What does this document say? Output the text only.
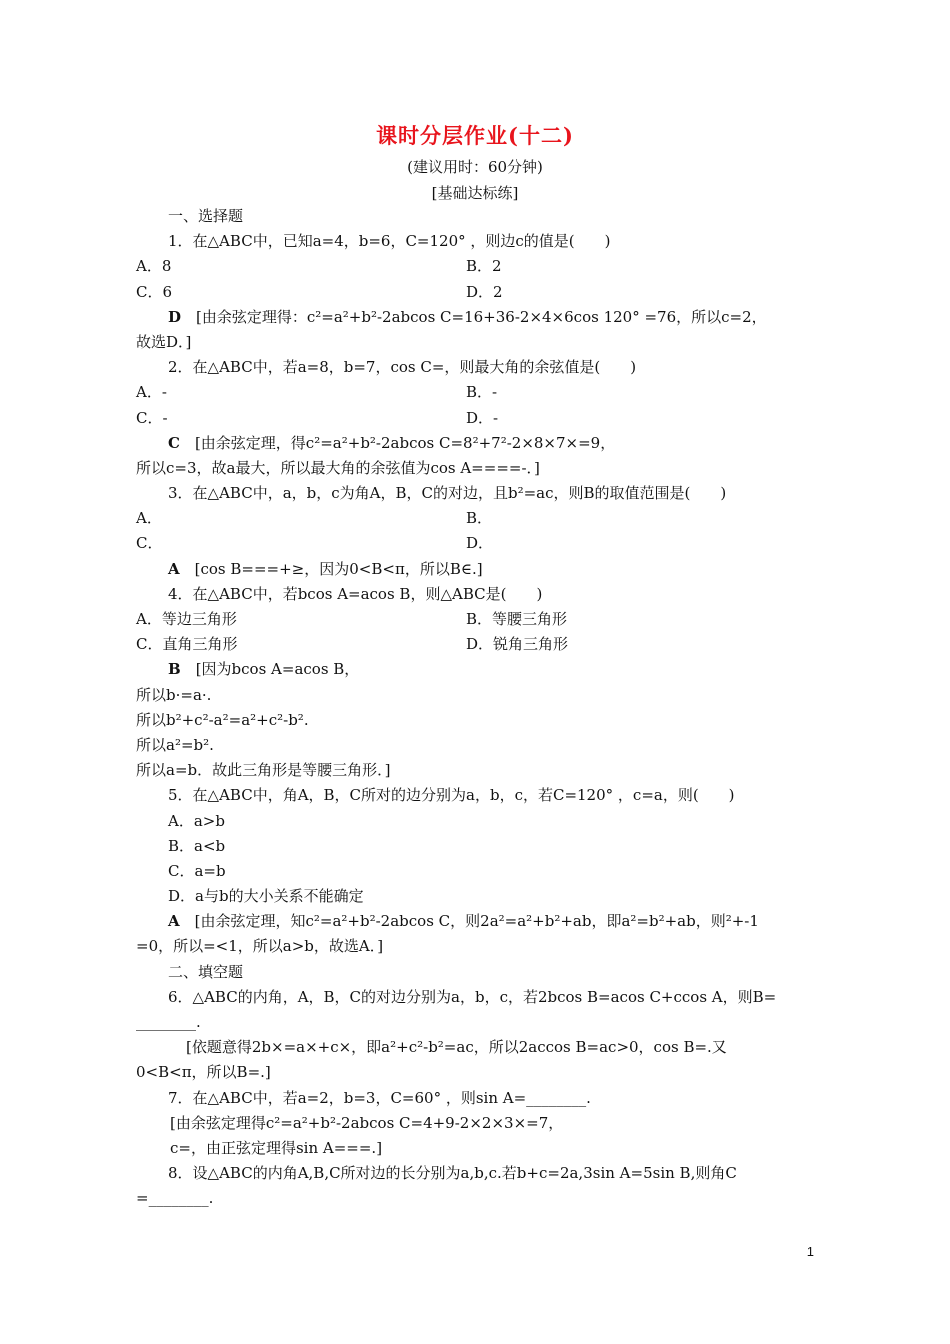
课时分层作业(十二)
(建议用时：60分钟)
[基础达标练]
一、选择题
1．在△ABC中，已知a=4，b=6，C=120° ，则边c的值是(　　)
A．8	B．2
C．6	D．2
D　[由余弦定理得：c²=a²+b²-2abcos C=16+36-2×4×6cos 120° =76，所以c=2，
故选D．]
2．在△ABC中，若a=8，b=7，cos C=，则最大角的余弦值是(　　)
A．-	B．-
C．-	D．-
C　[由余弦定理，得c²=a²+b²-2abcos C=8²+7²-2×8×7×=9，
所以c=3，故a最大，所以最大角的余弦值为cos A====-．]
3．在△ABC中，a，b，c为角A，B，C的对边，且b²=ac，则B的取值范围是(　　)
A．	B．
C．	D．
A　[cos B===+≥，因为0<B<π，所以B∈.]
4．在△ABC中，若bcos A=acos B，则△ABC是(　　)
A．等边三角形	B．等腰三角形
C．直角三角形	D．锐角三角形
B　[因为bcos A=acos B，
所以b·=a·.
所以b²+c²-a²=a²+c²-b².
所以a²=b².
所以a=b．故此三角形是等腰三角形．]
5．在△ABC中，角A，B，C所对的边分别为a，b，c，若C=120° ，c=a，则(　　)
A．a>b
B．a<b
C．a=b
D．a与b的大小关系不能确定
A　[由余弦定理，知c²=a²+b²-2abcos C，则2a²=a²+b²+ab，即a²=b²+ab，则²+-1
=0，所以=<1，所以a>b，故选A．]
二、填空题
6．△ABC的内角，A，B，C的对边分别为a，b，c，若2bcos B=acos C+ccos A，则B=
________.
[依题意得2b×=a×+c×，即a²+c²-b²=ac，所以2accos B=ac>0，cos B=.又
0<B<π，所以B=.]
7．在△ABC中，若a=2，b=3，C=60° ，则sin A=________.
[由余弦定理得c²=a²+b²-2abcos C=4+9-2×2×3×=7，
c=，由正弦定理得sin A===.]
8．设△ABC的内角A,B,C所对边的长分别为a,b,c.若b+c=2a,3sin A=5sin B,则角C
=________.
1
